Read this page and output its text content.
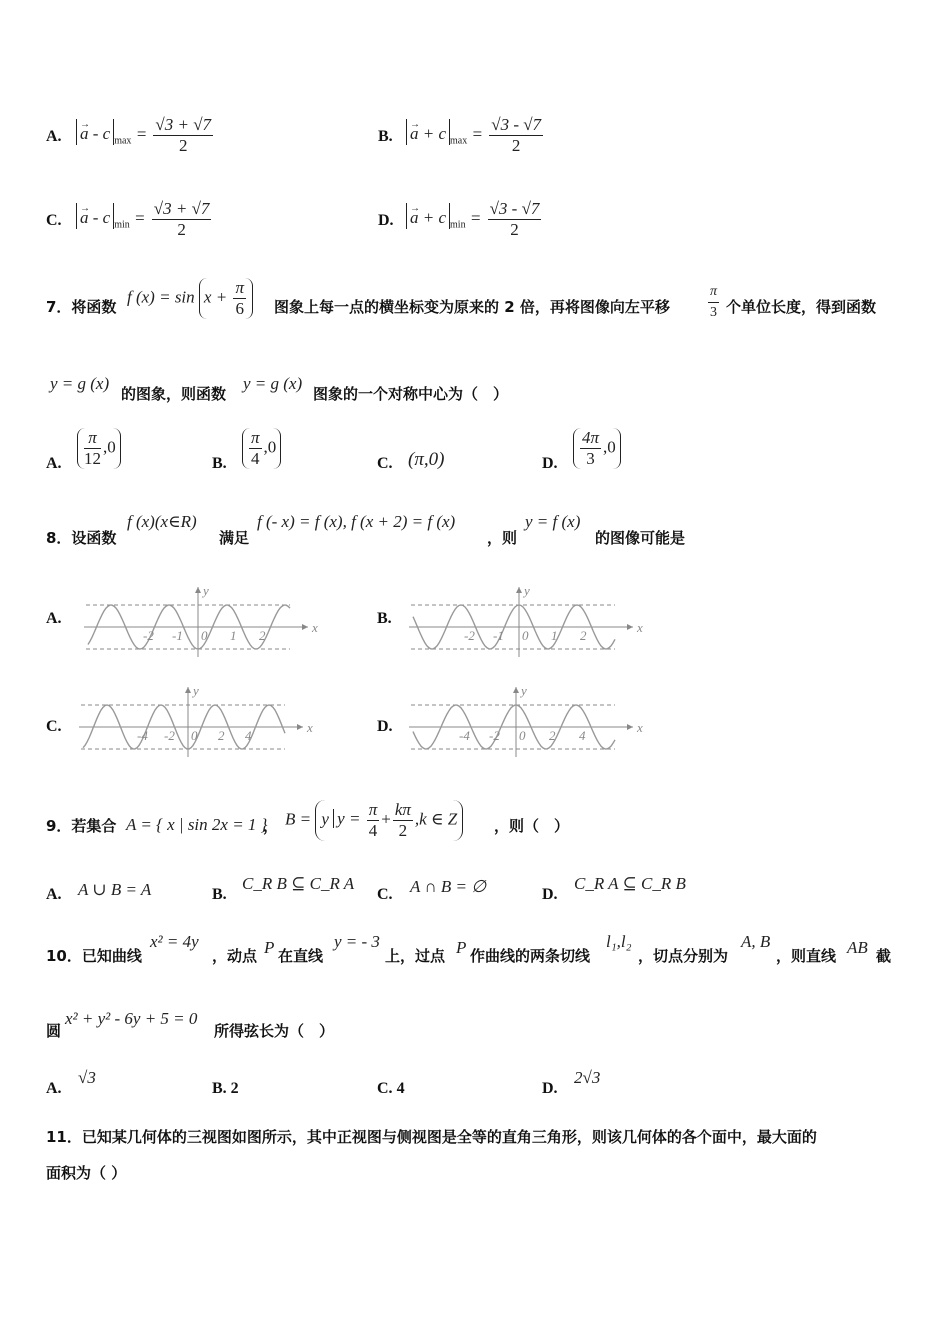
A. → a - c $_{max} = \frac{√3 + √7}{2}$	B. → a + c $_{max} = \frac{√3 - √7}{2}$
C. → a - c $_{min} = \frac{√3 + √7}{2}$	D. → a + c $_{min} = \frac{√3 - √7}{2}$
7．将函数
f $(x) = \sin x + \frac{\pi}{6}$ 图象上每一点的横坐标变为原来的 2 倍，再将图像向左平移	$\frac{\pi}{3}$ 个单位长度，得到函数
y = g (x)
的图象，则函数
y = g (x)
图象的一个对称中心为（　）
A. $\frac{\pi}{12} ,0$
B. $\frac{\pi}{4} ,0$
C. (π,0)	D. $\frac{4\pi}{3} ,0$
8．设函数
f (x)(x∈R)
满足
f (- x) = f (x), f (x + 2) = f (x)
，则
y = f (x)
的图像可能是
A.
x
y
-2 -1 0 1 2
B.
x
y
-2 -1 0 1 2
C.	x
y
-4 -2 0 2 4
D.	x
y
-4 -2 0 2 4
9．若集合 A = { x | sin 2x = 1 }
， B = y $y = \frac{\pi}{4} + \frac{k\pi}{2} ,k$ ∈ Z	，则（　）
A. A ∪ B = A	B.
C_R B ⊆ C_R A
C. A ∩ B = ∅	D.
C_R A ⊆ C_R B
10．已知曲线
x² = 4y
，动点 P 在直线
y = - 3
上，过点 P 作曲线的两条切线
l₁,l₂
，切点分别为
A, B
，则直线 AB 截
圆
x² + y² - 6y + 5 = 0
所得弦长为（　）
A.
√3
B. 2	C. 4	D.
2√3
11．已知某几何体的三视图如图所示，其中正视图与侧视图是全等的直角三角形，则该几何体的各个面中，最大面的
面积为（ ）
